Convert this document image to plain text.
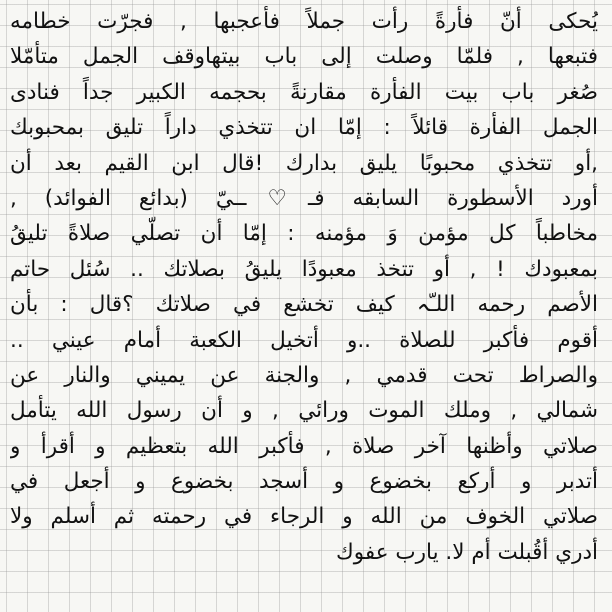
يُحكى أنّ فأرةً رأت جملاً فأعجبها , فجرّت خطامه
فتبعها , فلمّا وصلت إلى باب بيتهاوقف الجمل متأمّلا
صُغر باب بيت الفأرة مقارنةً بحجمه الكبير جداً فنادى
الجمل الفأرة قائلاً : إمّا ان تتخذي داراً تليق بمحبوبك
,أو تتخذي محبوبًا يليق بدارك !قال ابن القيم بعد أن
أورد الأسطورة السابقه فـ♡ــيّ (بدائع الفوائد) ,
مخاطباً كل مؤمن وَ مؤمنه : إمّا أن تصلّي صلاةً تليقُ
بمعبودك ! , أو تتخذ معبودًا يليقُ بصلاتك .. سُئل حاتم
الأصم رحمه اللـّہ كيف تخشع في صلاتك ؟قال : بأن
أقوم فأكبر للصلاة ..و أتخيل الكعبة أمام عيني ..
والصراط تحت قدمي , والجنة عن يميني والنار عن
شمالي , وملك الموت ورائي , و أن رسول الله يتأمل
صلاتي وأظنها آخر صلاة , فأكبر الله بتعظيم و أقرأ و
أتدبر و أركع بخضوع و أسجد بخضوع و أجعل في
صلاتي الخوف من الله و الرجاء في رحمته ثم أسلم ولا
أدري أقُبلت أم لا. يارب عفوك
